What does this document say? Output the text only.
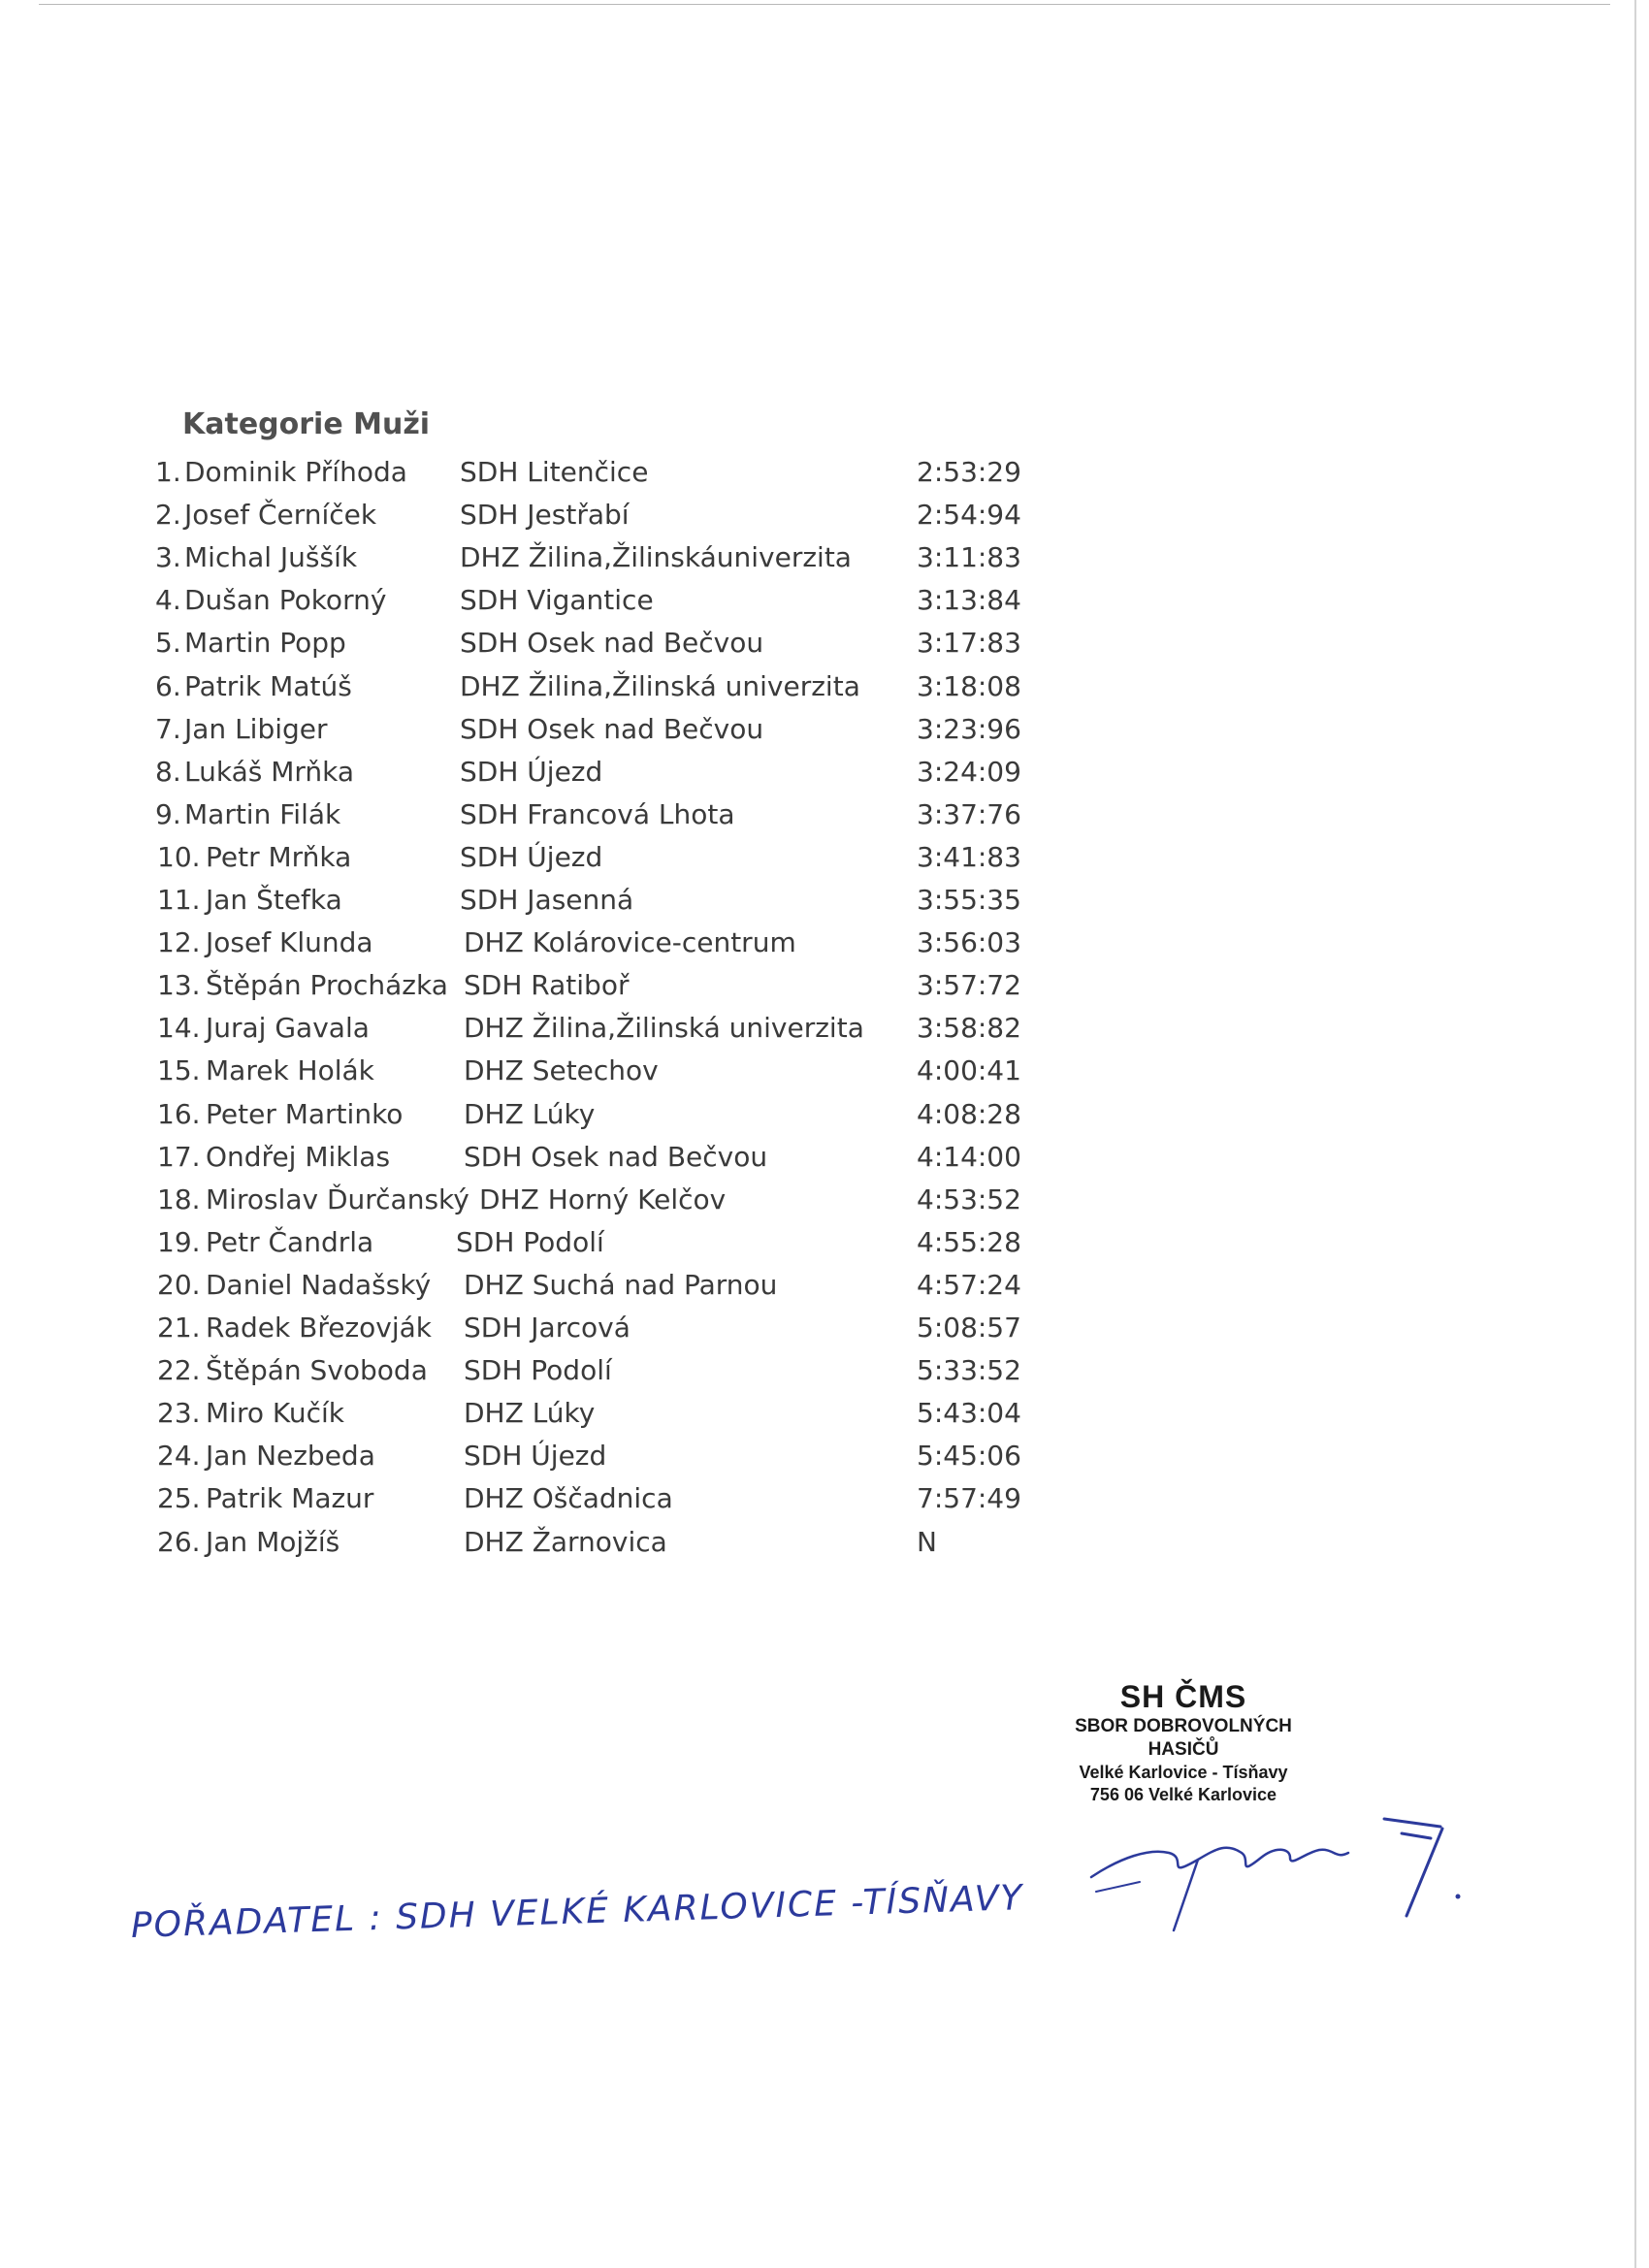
Kategorie Muži
1. Dominik Příhoda SDH Litenčice	2:53:29
2. Josef Černíček	SDH Jestřabí	2:54:94
3. Michal Juššík	DHZ Žilina,Žilinskáuniverzita 3:11:83
4. Dušan Pokorný	SDH Vigantice	3:13:84
5. Martin Popp	SDH Osek nad Bečvou	3:17:83
6. Patrik Matúš	DHZ Žilina,Žilinská univerzita 3:18:08
7. Jan Libiger	SDH Osek nad Bečvou	3:23:96
8. Lukáš Mrňka	SDH Újezd	3:24:09
9. Martin Filák	SDH Francová Lhota	3:37:76
10. Petr Mrňka	SDH Újezd	3:41:83
11. Jan Štefka	SDH Jasenná	3:55:35
12. Josef Klunda	DHZ Kolárovice-centrum	3:56:03
13. Štěpán Procházka SDH Ratiboř	3:57:72
14. Juraj Gavala	DHZ Žilina,Žilinská univerzita 3:58:82
15. Marek Holák	DHZ Setechov	4:00:41
16. Peter Martinko DHZ Lúky	4:08:28
17. Ondřej Miklas	SDH Osek nad Bečvou	4:14:00
18. Miroslav Ďurčanský DHZ Horný Kelčov	4:53:52
19. Petr Čandrla	SDH Podolí	4:55:28
20. Daniel Nadašský DHZ Suchá nad Parnou	4:57:24
21. Radek Březovják SDH Jarcová	5:08:57
22. Štěpán Svoboda SDH Podolí	5:33:52
23. Miro Kučík	DHZ Lúky	5:43:04
24. Jan Nezbeda	SDH Újezd	5:45:06
25. Patrik Mazur	DHZ Oščadnica	7:57:49
26. Jan Mojžíš	DHZ Žarnovica	N
SH ČMS
SBOR DOBROVOLNÝCH HASIČŮ
Velké Karlovice - Tísňavy
756 06 Velké Karlovice
POŘADATEL : SDH VELKÉ KARLOVICE -TÍSŇAVY
